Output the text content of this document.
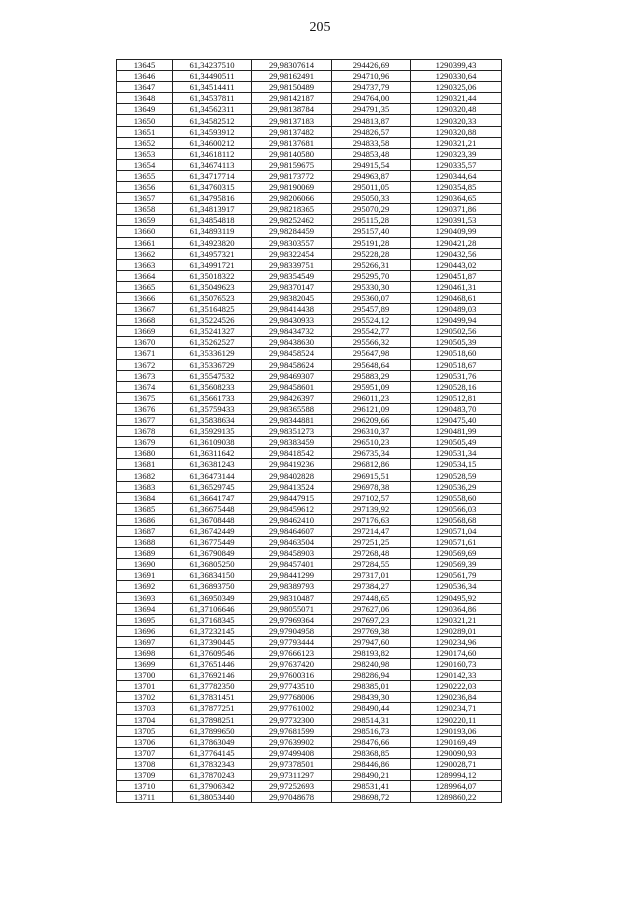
205
13645	61,34237510	29,98307614	294426,69	1290399,43
13646	61,34490511	29,98162491	294710,96	1290330,64
13647	61,34514411	29,98150489	294737,79	1290325,06
13648	61,34537811	29,98142187	294764,00	1290321,44
13649	61,34562311	29,98138784	294791,35	1290320,48
13650	61,34582512	29,98137183	294813,87	1290320,33
13651	61,34593912	29,98137482	294826,57	1290320,88
13652	61,34600212	29,98137681	294833,58	1290321,21
13653	61,34618112	29,98140580	294853,48	1290323,39
13654	61,34674113	29,98159675	294915,54	1290335,57
13655	61,34717714	29,98173772	294963,87	1290344,64
13656	61,34760315	29,98190069	295011,05	1290354,85
13657	61,34795816	29,98206066	295050,33	1290364,65
13658	61,34813917	29,98218365	295070,29	1290371,86
13659	61,34854818	29,98252462	295115,28	1290391,53
13660	61,34893119	29,98284459	295157,40	1290409,99
13661	61,34923820	29,98303557	295191,28	1290421,28
13662	61,34957321	29,98322454	295228,28	1290432,56
13663	61,34991721	29,98339751	295266,31	1290443,02
13664	61,35018322	29,98354549	295295,70	1290451,87
13665	61,35049623	29,98370147	295330,30	1290461,31
13666	61,35076523	29,98382045	295360,07	1290468,61
13667	61,35164825	29,98414438	295457,89	1290489,03
13668	61,35224526	29,98430933	295524,12	1290499,94
13669	61,35241327	29,98434732	295542,77	1290502,56
13670	61,35262527	29,98438630	295566,32	1290505,39
13671	61,35336129	29,98458524	295647,98	1290518,60
13672	61,35336729	29,98458624	295648,64	1290518,67
13673	61,35547532	29,98469307	295883,29	1290531,76
13674	61,35608233	29,98458601	295951,09	1290528,16
13675	61,35661733	29,98426397	296011,23	1290512,81
13676	61,35759433	29,98365588	296121,09	1290483,70
13677	61,35838634	29,98344881	296209,66	1290475,40
13678	61,35929135	29,98351273	296310,37	1290481,99
13679	61,36109038	29,98383459	296510,23	1290505,49
13680	61,36311642	29,98418542	296735,34	1290531,34
13681	61,36381243	29,98419236	296812,86	1290534,15
13682	61,36473144	29,98402828	296915,51	1290528,59
13683	61,36529745	29,98413524	296978,38	1290536,29
13684	61,36641747	29,98447915	297102,57	1290558,60
13685	61,36675448	29,98459612	297139,92	1290566,03
13686	61,36708448	29,98462410	297176,63	1290568,68
13687	61,36742449	29,98464607	297214,47	1290571,04
13688	61,36775449	29,98463504	297251,25	1290571,61
13689	61,36790849	29,98458903	297268,48	1290569,69
13690	61,36805250	29,98457401	297284,55	1290569,39
13691	61,36834150	29,98441299	297317,01	1290561,79
13692	61,36893750	29,98389793	297384,27	1290536,34
13693	61,36950349	29,98310487	297448,65	1290495,92
13694	61,37106646	29,98055071	297627,06	1290364,86
13695	61,37168345	29,97969364	297697,23	1290321,21
13696	61,37232145	29,97904958	297769,38	1290289,01
13697	61,37390445	29,97793444	297947,60	1290234,96
13698	61,37609546	29,97666123	298193,82	1290174,60
13699	61,37651446	29,97637420	298240,98	1290160,73
13700	61,37692146	29,97600316	298286,94	1290142,33
13701	61,37782350	29,97743510	298385,01	1290222,03
13702	61,37831451	29,97768006	298439,30	1290236,84
13703	61,37877251	29,97761002	298490,44	1290234,71
13704	61,37898251	29,97732300	298514,31	1290220,11
13705	61,37899650	29,97681599	298516,73	1290193,06
13706	61,37863049	29,97639902	298476,66	1290169,49
13707	61,37764145	29,97499408	298368,85	1290090,93
13708	61,37832343	29,97378501	298446,86	1290028,71
13709	61,37870243	29,97311297	298490,21	1289994,12
13710	61,37906342	29,97252693	298531,41	1289964,07
13711	61,38053440	29,97048678	298698,72	1289860,22
